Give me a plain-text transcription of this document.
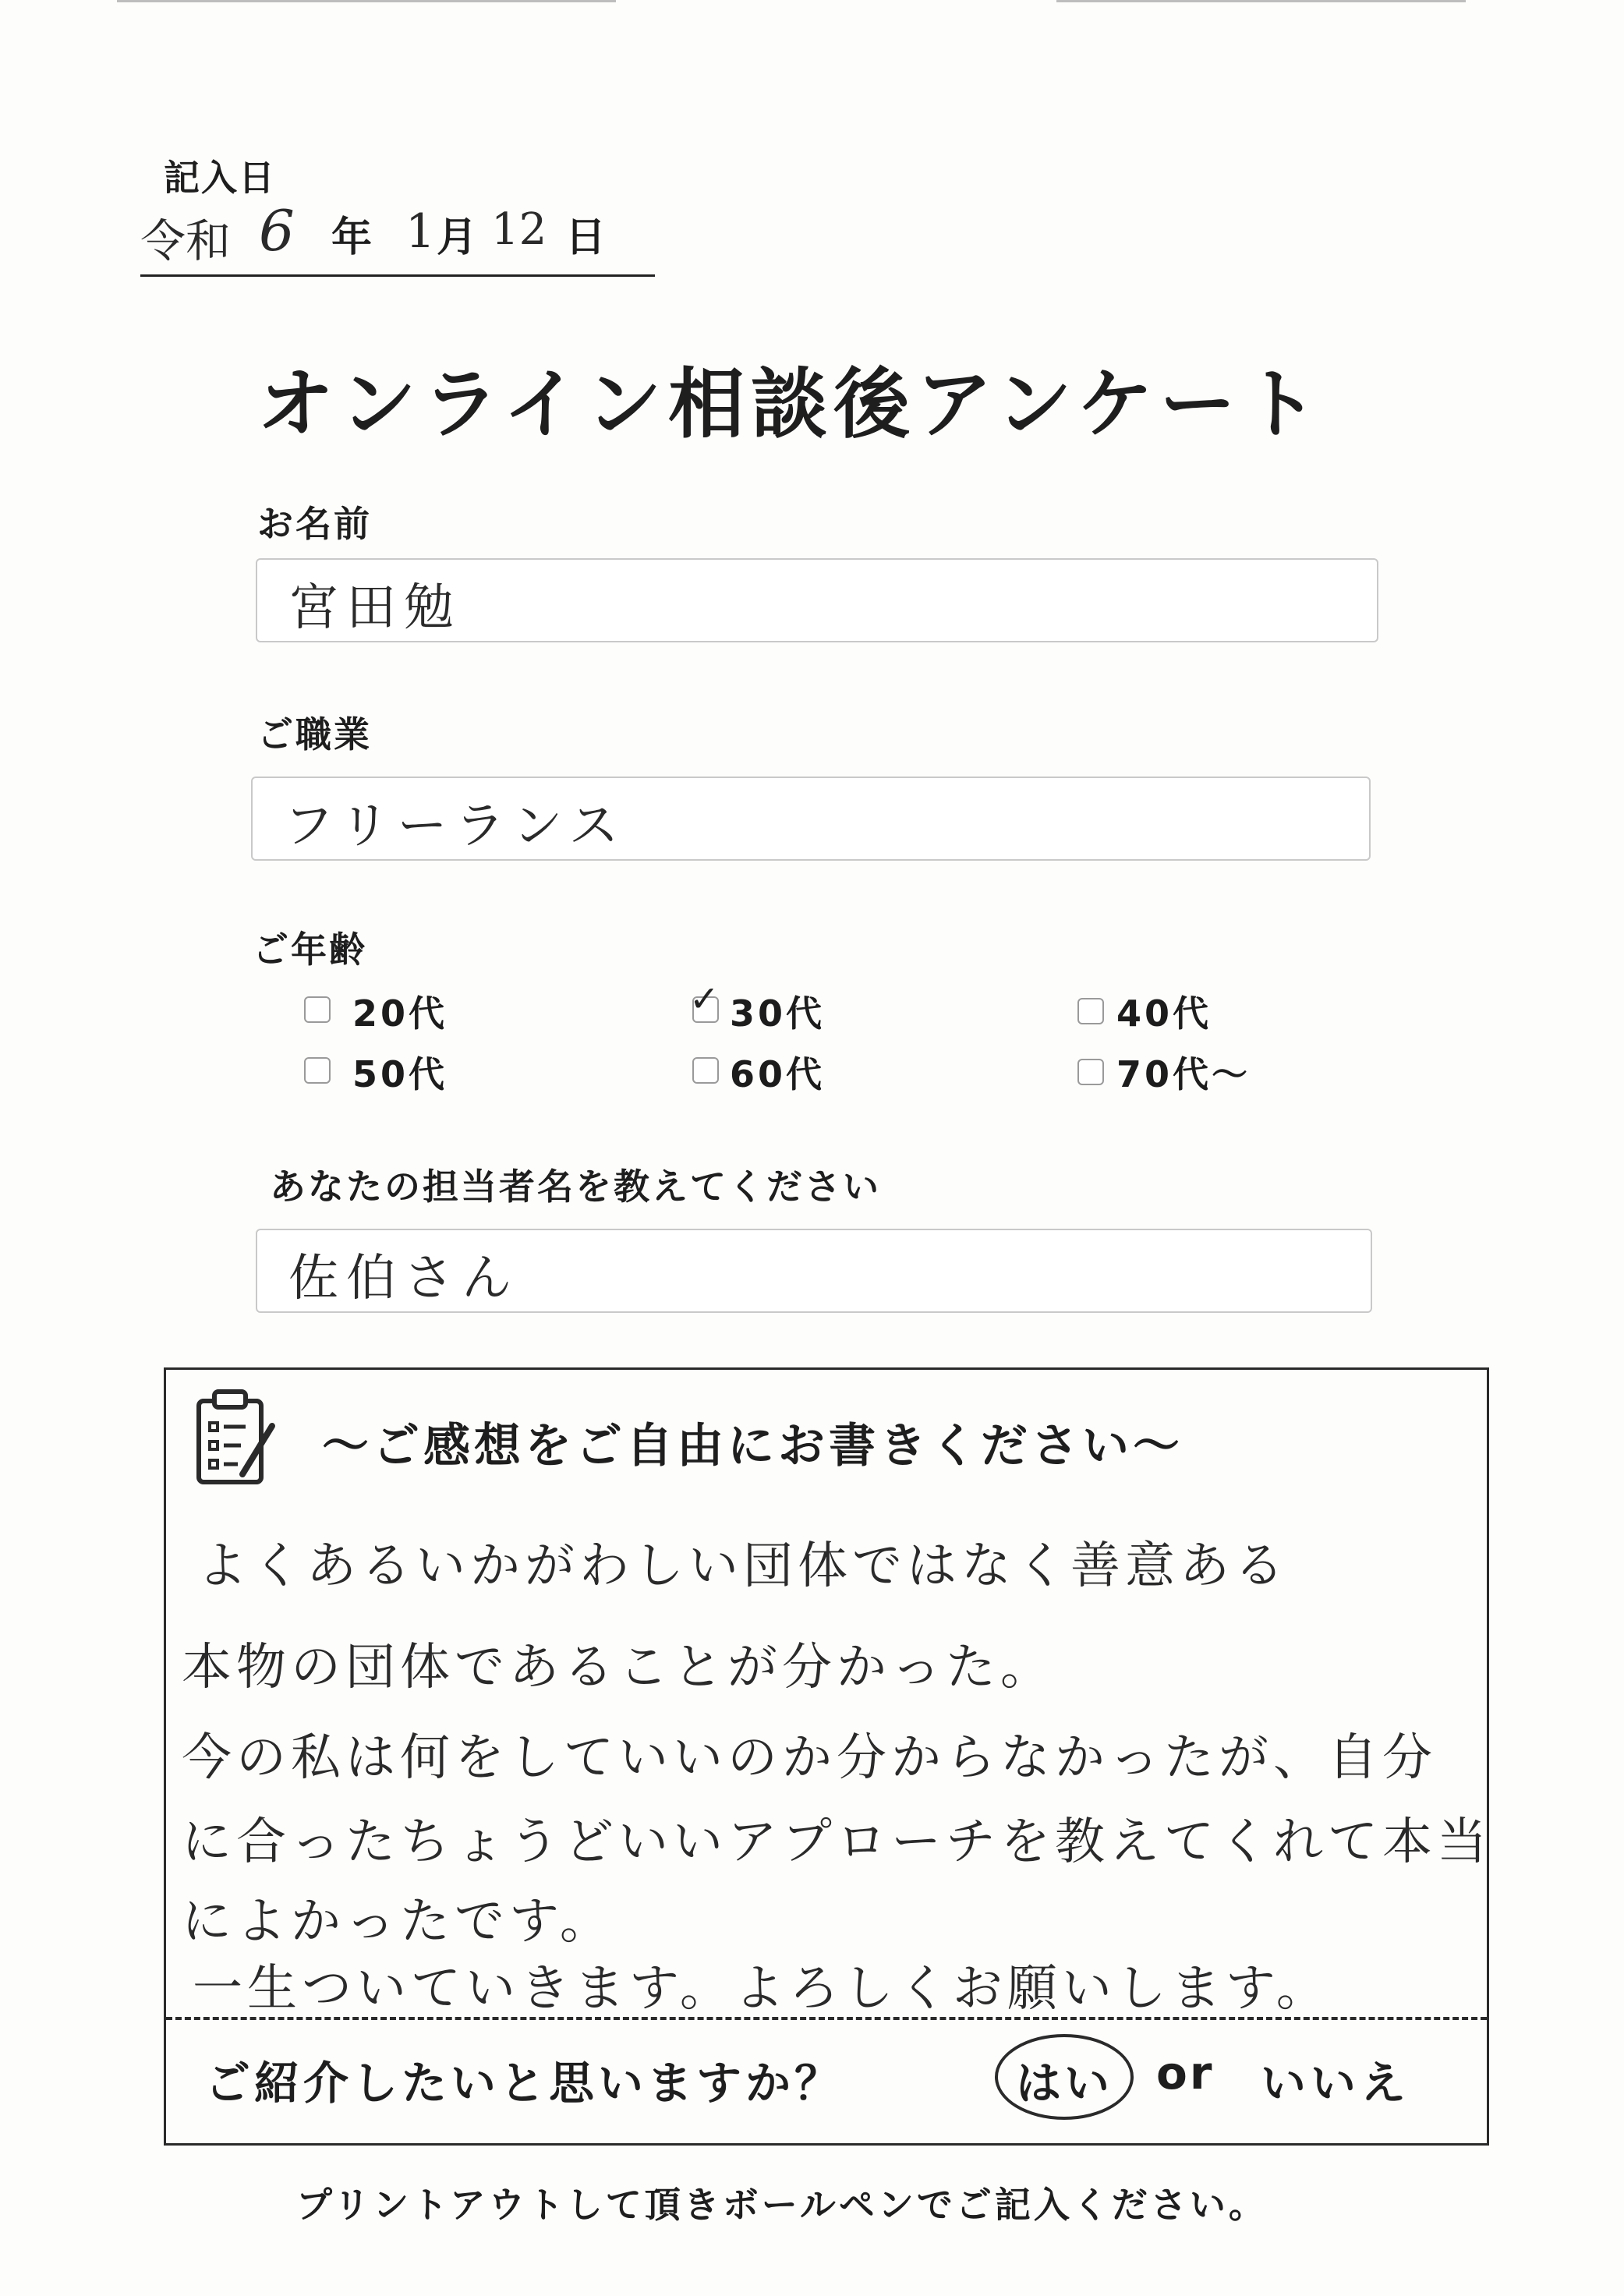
記入日
令和 6 年 1 月 12 日
オンライン相談後アンケート
お名前
宮田勉
ご職業
フリーランス
ご年齢
20代	✓ 30代	40代
50代	60代	70代〜
あなたの担当者名を教えてください
佐伯さん
〜ご感想をご自由にお書きください〜
よくあるいかがわしい団体ではなく善意ある
本物の団体であることが分かった。
今の私は何をしていいのか分からなかったが、自分
に合ったちょうどいいアプローチを教えてくれて本当
によかったです。
一生ついていきます。よろしくお願いします。
ご紹介したいと思いますか？	はい or いいえ
プリントアウトして頂きボールペンでご記入ください。
